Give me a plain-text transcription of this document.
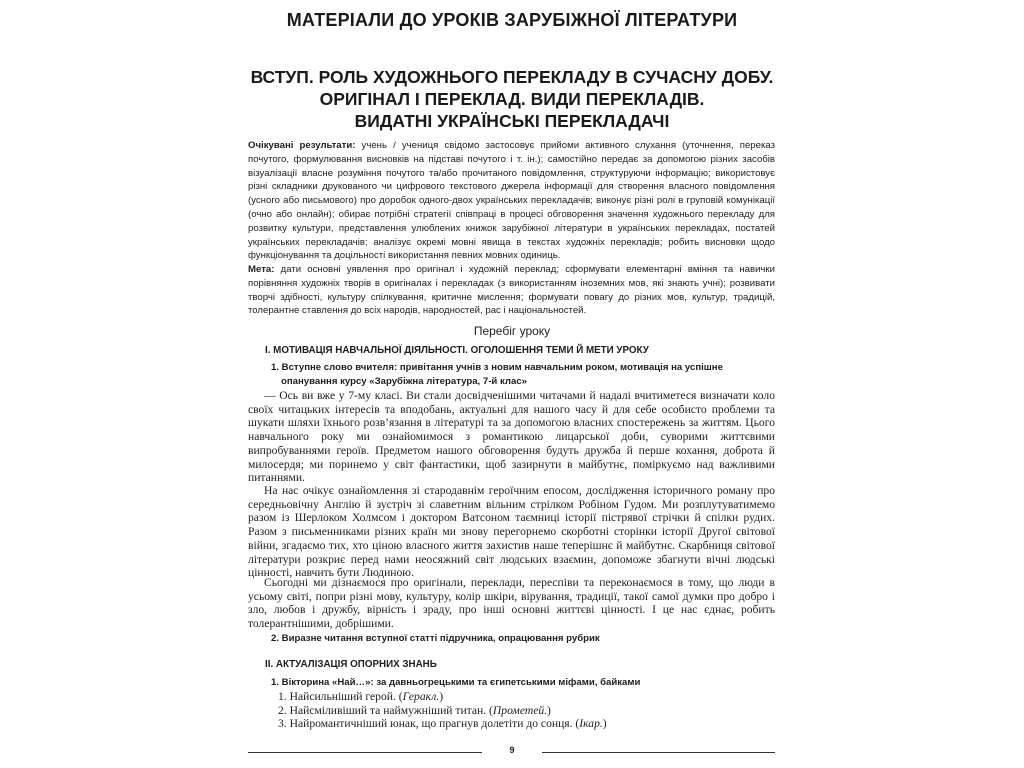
МАТЕРІАЛИ ДО УРОКІВ ЗАРУБІЖНОЇ ЛІТЕРАТУРИ
ВСТУП. РОЛЬ ХУДОЖНЬОГО ПЕРЕКЛАДУ В СУЧАСНУ ДОБУ.
ОРИГІНАЛ І ПЕРЕКЛАД. ВИДИ ПЕРЕКЛАДІВ.
ВИДАТНІ УКРАЇНСЬКІ ПЕРЕКЛАДАЧІ
Очікувані результати: учень / учениця свідомо застосовує прийоми активного слухання (уточнення, переказ почутого, формулювання висновків на підставі почутого і т. ін.); самостійно передає за допомогою різних засобів візуалізації власне розуміння почутого та/або прочитаного повідомлення, структуруючи інформацію; використовує різні складники друкованого чи цифрового текстового джерела інформації для створення власного повідомлення (усного або письмового) про доробок одного-двох українських перекладачів; виконує різні ролі в груповій комунікації (очно або онлайн); обирає потрібні стратегії співпраці в процесі обговорення значення художнього перекладу для розвитку культури, представлення улюблених книжок зарубіжної літератури в українських перекладах, постатей українських перекладачів; аналізує окремі мовні явища в текстах художніх перекладів; робить висновки щодо функціонування та доцільності використання певних мовних одиниць.
Мета: дати основні уявлення про оригінал і художній переклад; сформувати елементарні вміння та навички порівняння художніх творів в оригіналах і перекладах (з використанням іноземних мов, які знають учні); розвивати творчі здібності, культуру спілкування, критичне мислення; формувати повагу до різних мов, культур, традицій, толерантне ставлення до всіх народів, народностей, рас і національностей.
Перебіг уроку
I. МОТИВАЦІЯ НАВЧАЛЬНОЇ ДІЯЛЬНОСТІ. ОГОЛОШЕННЯ ТЕМИ Й МЕТИ УРОКУ
1. Вступне слово вчителя: привітання учнів з новим навчальним роком, мотивація на успішне
опанування курсу «Зарубіжна література, 7-й клас»
— Ось ви вже у 7-му класі. Ви стали досвідченішими читачами й надалі вчитиметеся визначати коло своїх читацьких інтересів та вподобань, актуальні для нашого часу й для себе особисто проблеми та шукати шляхи їхнього розв’язання в літературі та за допомогою власних спостережень за життям. Цього навчального року ми ознайомимося з романтикою лицарської доби, суворими життєвими випробуваннями героїв. Предметом нашого обговорення будуть дружба й перше кохання, доброта й милосердя; ми поринемо у світ фантастики, щоб зазирнути в майбутнє, поміркуємо над важливими питаннями.
На нас очікує ознайомлення зі стародавнім героїчним епосом, дослідження історичного роману про середньовічну Англію й зустріч зі славетним вільним стрілком Робіном Гудом. Ми розплутуватимемо разом із Шерлоком Холмсом і доктором Ватсоном таємниці історії пістрявої стрічки й спілки рудих. Разом з письменниками різних країн ми знову перегорнемо скорботні сторінки історії Другої світової війни, згадаємо тих, хто ціною власного життя захистив наше теперішнє й майбутнє. Скарбниця світової літератури розкриє перед нами неосяжний світ людських взаємин, допоможе збагнути вічні людські цінності, навчить бути Людиною.
Сьогодні ми дізнаємося про оригінали, переклади, переспіви та переконаємося в тому, що люди в усьому світі, попри різні мову, культуру, колір шкіри, вірування, традиції, такої самої думки про добро і зло, любов і дружбу, вірність і зраду, про інші основні життєві цінності. І це нас єднає, робить толерантнішими, добрішими.
2. Виразне читання вступної статті підручника, опрацювання рубрик
II. АКТУАЛІЗАЦІЯ ОПОРНИХ ЗНАНЬ
1. Вікторина «Най…»: за давньогрецькими та єгипетськими міфами, байками
1. Найсильніший герой. (Геракл.)
2. Найсміливіший та наймужніший титан. (Прометей.)
3. Найромантичніший юнак, що прагнув долетіти до сонця. (Ікар.)
9
